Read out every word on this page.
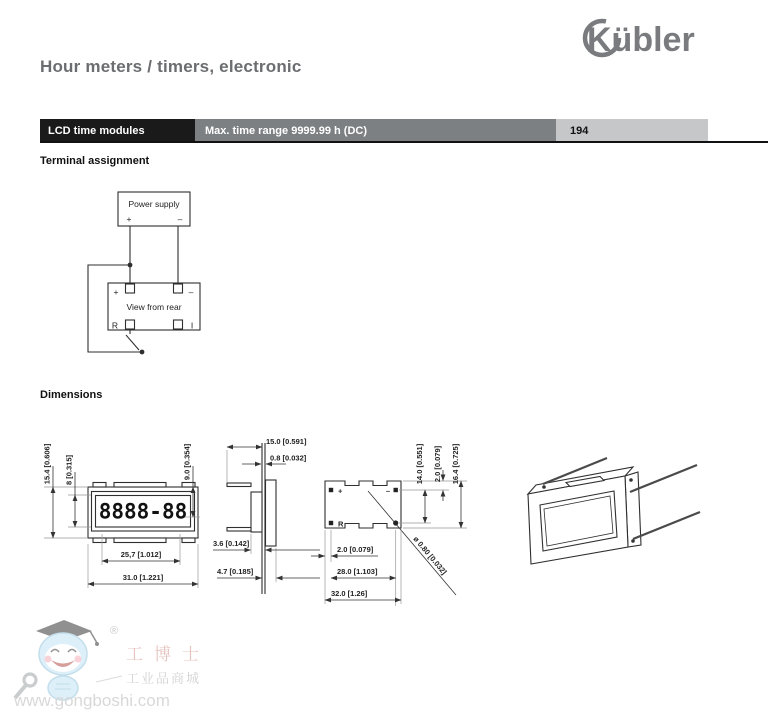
Kübler
Hour meters / timers, electronic
LCD time modules	Max. time range 9999.99 h (DC)	194
Terminal assignment
Power supply
+	–
+	–
R	I
View from rear
Dimensions
8888-88
15.4 [0.606] 8 [0.315]	9.0 [0.354]
25,7 [1.012]
31.0 [1.221]
15.0 [0.591]
0.8 [0.032]
3.6 [0.142]
4.7 [0.185]
+
R
–
ø 0.80 [0.032]
14.0 [0.551] 2.0 [0.079] 16.4 [0.725]
2.0 [0.079]
28.0 [1.103]
32.0 [1.26]
®
工博士
工业品商城
www.gongboshi.com
